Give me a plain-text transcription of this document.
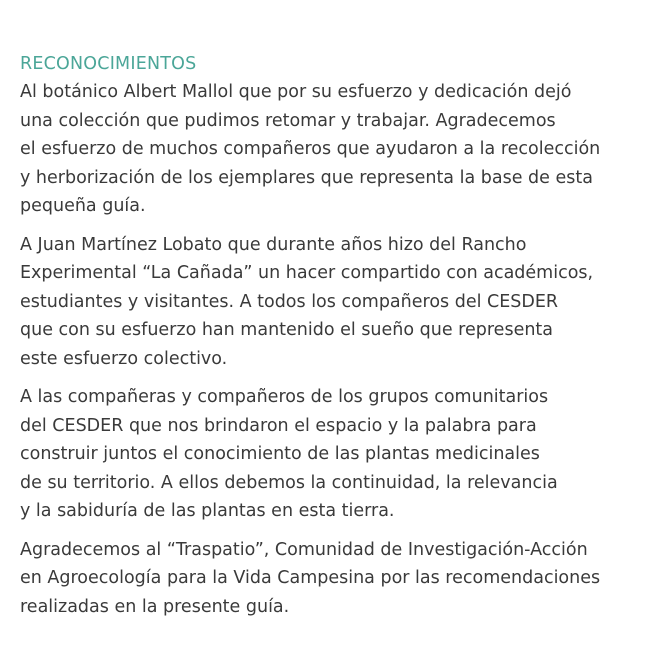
RECONOCIMIENTOS
Al botánico Albert Mallol que por su esfuerzo y dedicación dejó
una colección que pudimos retomar y trabajar. Agradecemos
el esfuerzo de muchos compañeros que ayudaron a la recolección
y herborización de los ejemplares que representa la base de esta
pequeña guía.
A Juan Martínez Lobato que durante años hizo del Rancho
Experimental “La Cañada” un hacer compartido con académicos,
estudiantes y visitantes. A todos los compañeros del CESDER
que con su esfuerzo han mantenido el sueño que representa
este esfuerzo colectivo.
A las compañeras y compañeros de los grupos comunitarios
del CESDER que nos brindaron el espacio y la palabra para
construir juntos el conocimiento de las plantas medicinales
de su territorio. A ellos debemos la continuidad, la relevancia
y la sabiduría de las plantas en esta tierra.
Agradecemos al “Traspatio”, Comunidad de Investigación-Acción
en Agroecología para la Vida Campesina por las recomendaciones
realizadas en la presente guía.
